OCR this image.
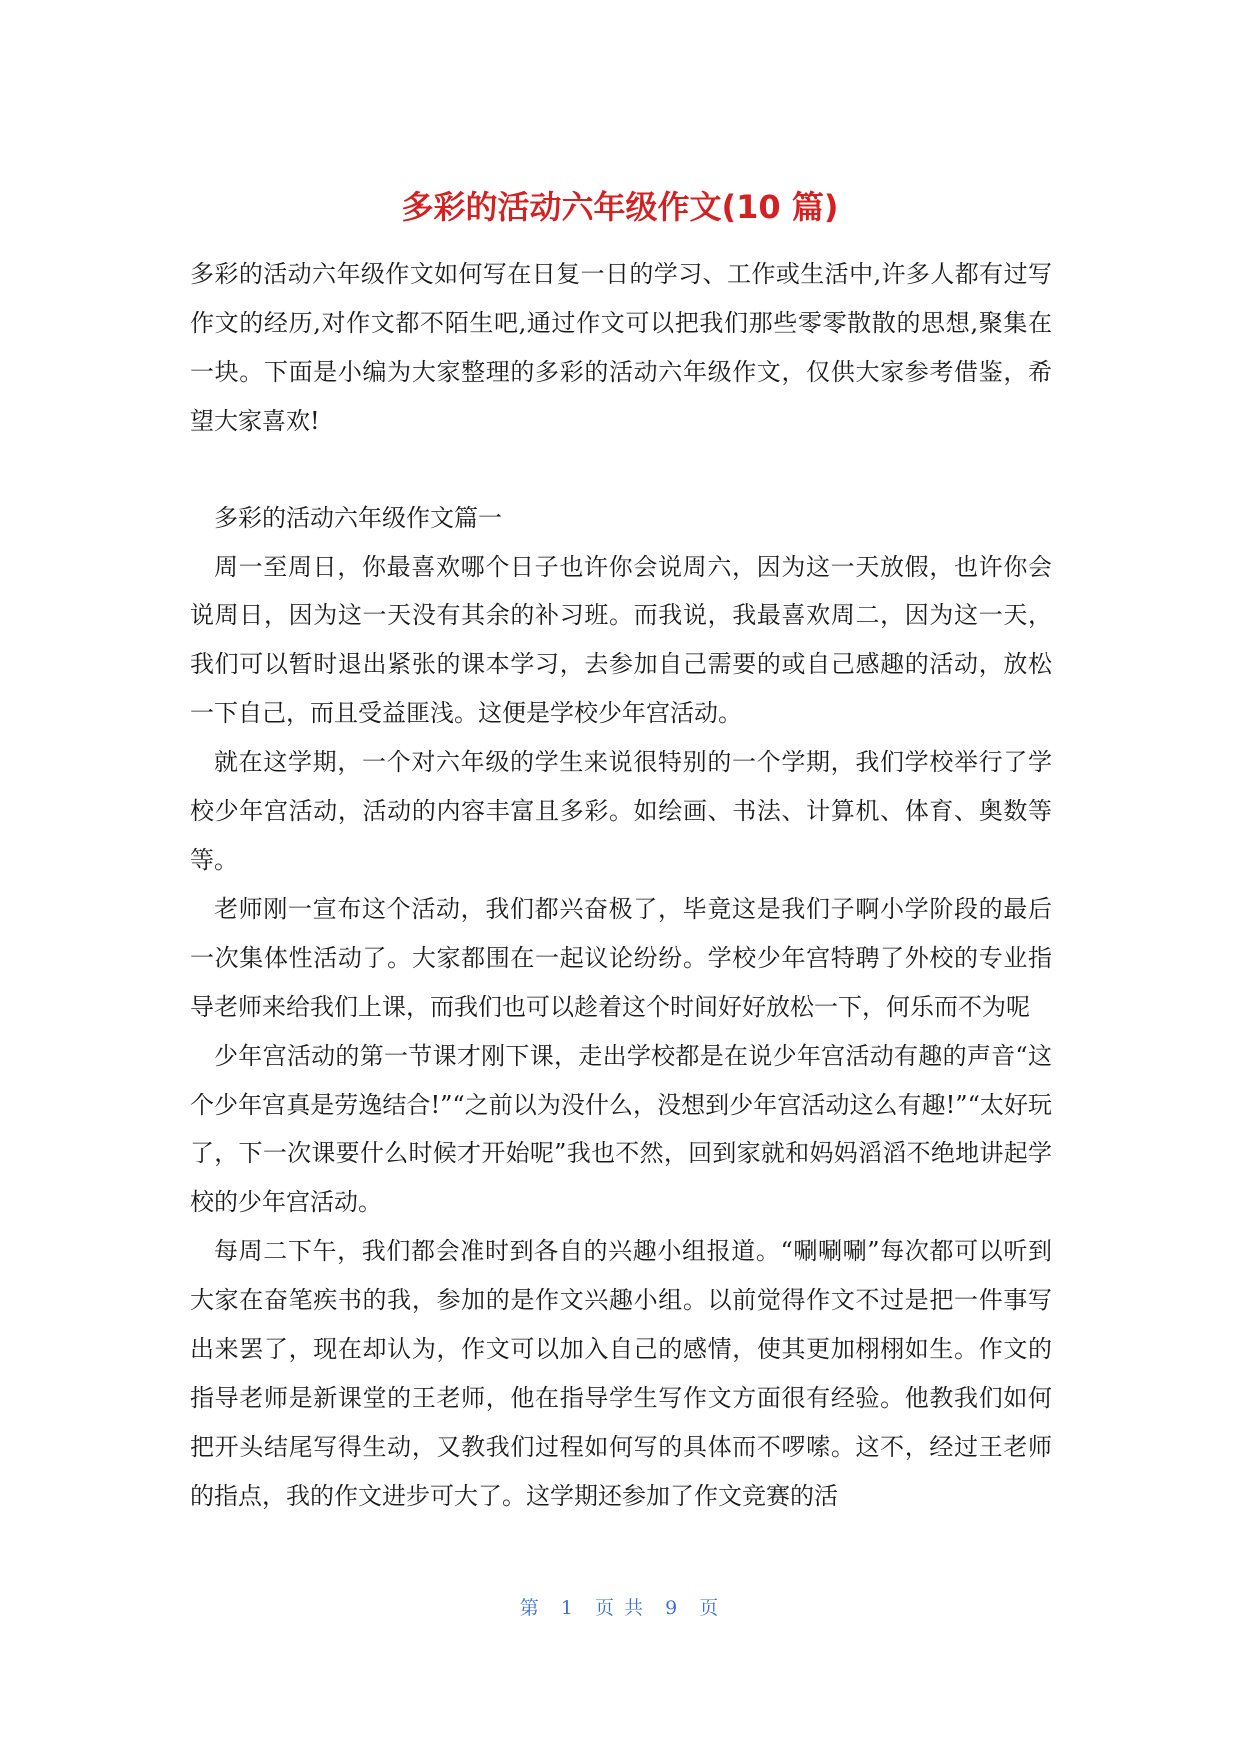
多彩的活动六年级作文(10 篇)

多彩的活动六年级作文如何写在日复一日的学习、工作或生活中,许多人都有过写作文的经历,对作文都不陌生吧,通过作文可以把我们那些零零散散的思想,聚集在一块。下面是小编为大家整理的多彩的活动六年级作文，仅供大家参考借鉴，希望大家喜欢!

多彩的活动六年级作文篇一

周一至周日，你最喜欢哪个日子也许你会说周六，因为这一天放假，也许你会说周日，因为这一天没有其余的补习班。而我说，我最喜欢周二，因为这一天，我们可以暂时退出紧张的课本学习，去参加自己需要的或自己感趣的活动，放松一下自己，而且受益匪浅。这便是学校少年宫活动。

就在这学期，一个对六年级的学生来说很特别的一个学期，我们学校举行了学校少年宫活动，活动的内容丰富且多彩。如绘画、书法、计算机、体育、奥数等等。

老师刚一宣布这个活动，我们都兴奋极了，毕竟这是我们子啊小学阶段的最后一次集体性活动了。大家都围在一起议论纷纷。学校少年宫特聘了外校的专业指导老师来给我们上课，而我们也可以趁着这个时间好好放松一下，何乐而不为呢

少年宫活动的第一节课才刚下课，走出学校都是在说少年宫活动有趣的声音“这个少年宫真是劳逸结合!”“之前以为没什么，没想到少年宫活动这么有趣!”“太好玩了，下一次课要什么时候才开始呢”我也不然，回到家就和妈妈滔滔不绝地讲起学校的少年宫活动。

每周二下午，我们都会准时到各自的兴趣小组报道。“唰唰唰”每次都可以听到大家在奋笔疾书的我，参加的是作文兴趣小组。以前觉得作文不过是把一件事写出来罢了，现在却认为，作文可以加入自己的感情，使其更加栩栩如生。作文的指导老师是新课堂的王老师，他在指导学生写作文方面很有经验。他教我们如何把开头结尾写得生动，又教我们过程如何写的具体而不啰嗦。这不，经过王老师的指点，我的作文进步可大了。这学期还参加了作文竞赛的活

第 1 页 共 9 页
